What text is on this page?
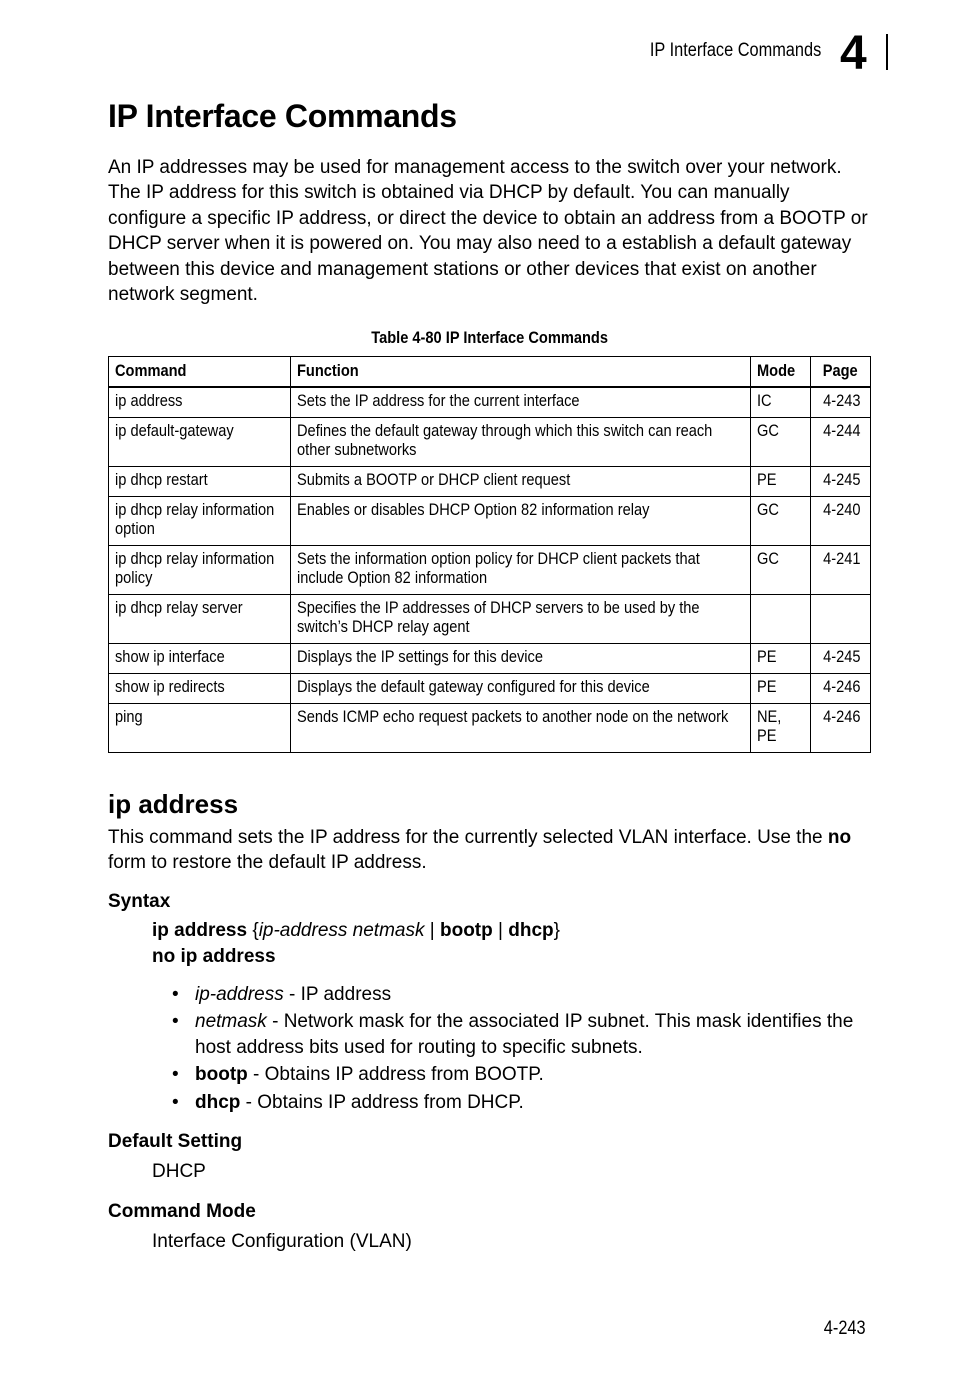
IP Interface Commands 4
IP Interface Commands

An IP addresses may be used for management access to the switch over your network. The IP address for this switch is obtained via DHCP by default. You can manually configure a specific IP address, or direct the device to obtain an address from a BOOTP or DHCP server when it is powered on. You may also need to a establish a default gateway between this device and management stations or other devices that exist on another network segment.

Table 4-80 IP Interface Commands
Command	Function	Mode	Page
ip address	Sets the IP address for the current interface	IC	4-243
ip default-gateway	Defines the default gateway through which this switch can reach other subnetworks	GC	4-244
ip dhcp restart	Submits a BOOTP or DHCP client request	PE	4-245
ip dhcp relay information option	Enables or disables DHCP Option 82 information relay	GC	4-240
ip dhcp relay information policy	Sets the information option policy for DHCP client packets that include Option 82 information	GC	4-241
ip dhcp relay server	Specifies the IP addresses of DHCP servers to be used by the switch’s DHCP relay agent		
show ip interface	Displays the IP settings for this device	PE	4-245
show ip redirects	Displays the default gateway configured for this device	PE	4-246
ping	Sends ICMP echo request packets to another node on the network	NE, PE	4-246
ip address

This command sets the IP address for the currently selected VLAN interface. Use the no form to restore the default IP address.

Syntax

ip address {ip-address netmask | bootp | dhcp}

no ip address

• ip-address - IP address
• netmask - Network mask for the associated IP subnet. This mask identifies the host address bits used for routing to specific subnets.
• bootp - Obtains IP address from BOOTP.
• dhcp - Obtains IP address from DHCP.

Default Setting

DHCP

Command Mode

Interface Configuration (VLAN)

4-243
